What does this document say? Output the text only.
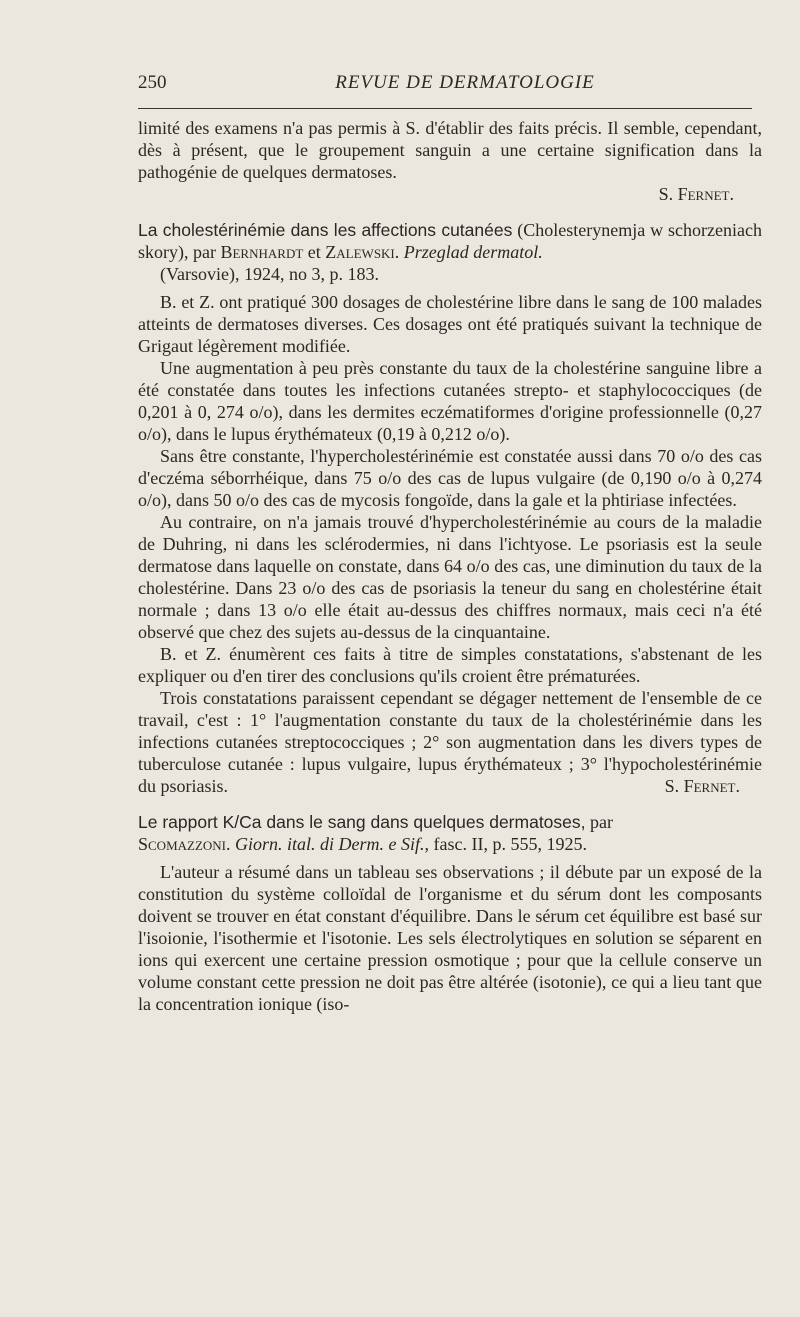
250	REVUE DE DERMATOLOGIE

limité des examens n'a pas permis à S. d'établir des faits précis. Il semble, cependant, dès à présent, que le groupement sanguin a une certaine signification dans la pathogénie de quelques dermatoses.

S. Fernet.

La cholestérinémie dans les affections cutanées (Cholesterynemja w schorzeniach skory), par Bernhardt et Zalewski. Przeglad dermatol.
(Varsovie), 1924, no 3, p. 183.

B. et Z. ont pratiqué 300 dosages de cholestérine libre dans le sang de 100 malades atteints de dermatoses diverses. Ces dosages ont été pratiqués suivant la technique de Grigaut légèrement modifiée.

Une augmentation à peu près constante du taux de la cholestérine sanguine libre a été constatée dans toutes les infections cutanées strepto- et staphylococciques (de 0,201 à 0, 274 o/o), dans les dermites eczématiformes d'origine professionnelle (0,27 o/o), dans le lupus érythémateux (0,19 à 0,212 o/o).

Sans être constante, l'hypercholestérinémie est constatée aussi dans 70 o/o des cas d'eczéma séborrhéique, dans 75 o/o des cas de lupus vulgaire (de 0,190 o/o à 0,274 o/o), dans 50 o/o des cas de mycosis fongoïde, dans la gale et la phtiriase infectées.

Au contraire, on n'a jamais trouvé d'hypercholestérinémie au cours de la maladie de Duhring, ni dans les sclérodermies, ni dans l'ichtyose. Le psoriasis est la seule dermatose dans laquelle on constate, dans 64 o/o des cas, une diminution du taux de la cholestérine. Dans 23 o/o des cas de psoriasis la teneur du sang en cholestérine était normale ; dans 13 o/o elle était au-dessus des chiffres normaux, mais ceci n'a été observé que chez des sujets au-dessus de la cinquantaine.

B. et Z. énumèrent ces faits à titre de simples constatations, s'abstenant de les expliquer ou d'en tirer des conclusions qu'ils croient être prématurées.

Trois constatations paraissent cependant se dégager nettement de l'ensemble de ce travail, c'est : 1° l'augmentation constante du taux de la cholestérinémie dans les infections cutanées streptococciques ; 2° son augmentation dans les divers types de tuberculose cutanée : lupus vulgaire, lupus érythémateux ; 3° l'hypocholestérinémie du psoriasis.	S. Fernet.

Le rapport K/Ca dans le sang dans quelques dermatoses, par
Scomazzoni. Giorn. ital. di Derm. e Sif., fasc. II, p. 555, 1925.

L'auteur a résumé dans un tableau ses observations ; il débute par un exposé de la constitution du système colloïdal de l'organisme et du sérum dont les composants doivent se trouver en état constant d'équilibre. Dans le sérum cet équilibre est basé sur l'isoionie, l'isothermie et l'isotonie. Les sels électrolytiques en solution se séparent en ions qui exercent une certaine pression osmotique ; pour que la cellule conserve un volume constant cette pression ne doit pas être altérée (isotonie), ce qui a lieu tant que la concentration ionique (iso-
